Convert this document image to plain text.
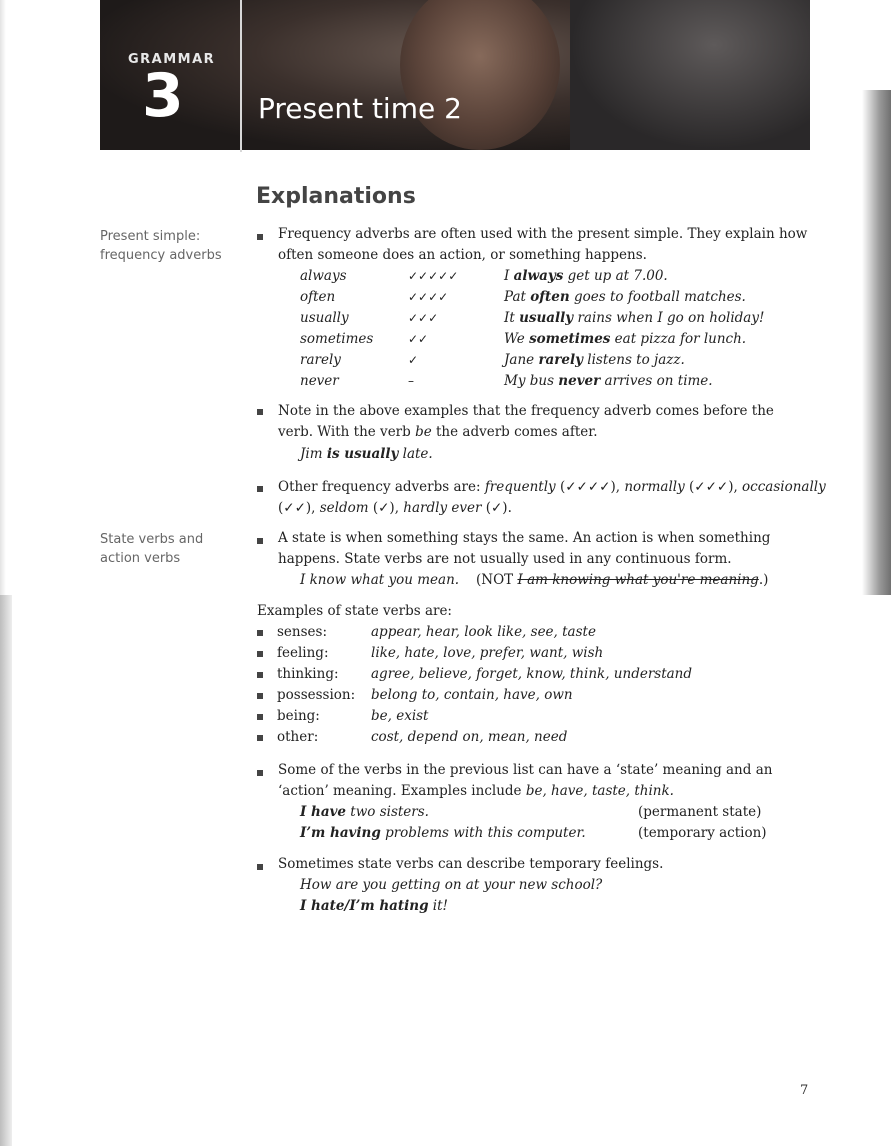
GRAMMAR
3	Present time 2
Explanations
Present simple:
frequency adverbs
State verbs and
action verbs
Frequency adverbs are often used with the present simple. They explain how
often someone does an action, or something happens.
always	✓✓✓✓✓	I always get up at 7.00.
often	✓✓✓✓	Pat often goes to football matches.
usually	✓✓✓	It usually rains when I go on holiday!
sometimes	✓✓	We sometimes eat pizza for lunch.
rarely	✓	Jane rarely listens to jazz.
never	–	My bus never arrives on time.
Note in the above examples that the frequency adverb comes before the
verb. With the verb be the adverb comes after.
Jim is usually late.
Other frequency adverbs are: frequently (✓✓✓✓), normally (✓✓✓), occasionally
(✓✓), seldom (✓), hardly ever (✓).
A state is when something stays the same. An action is when something
happens. State verbs are not usually used in any continuous form.
I know what you mean. (NOT I am knowing what you're meaning.)
Examples of state verbs are:
senses:	appear, hear, look like, see, taste
feeling:	like, hate, love, prefer, want, wish
thinking: agree, believe, forget, know, think, understand
possession: belong to, contain, have, own
being:	be, exist
other:	cost, depend on, mean, need
Some of the verbs in the previous list can have a ‘state’ meaning and an
‘action’ meaning. Examples include be, have, taste, think.
I have two sisters.	(permanent state)
I’m having problems with this computer.	(temporary action)
Sometimes state verbs can describe temporary feelings.
How are you getting on at your new school?
I hate/I’m hating it!
7
